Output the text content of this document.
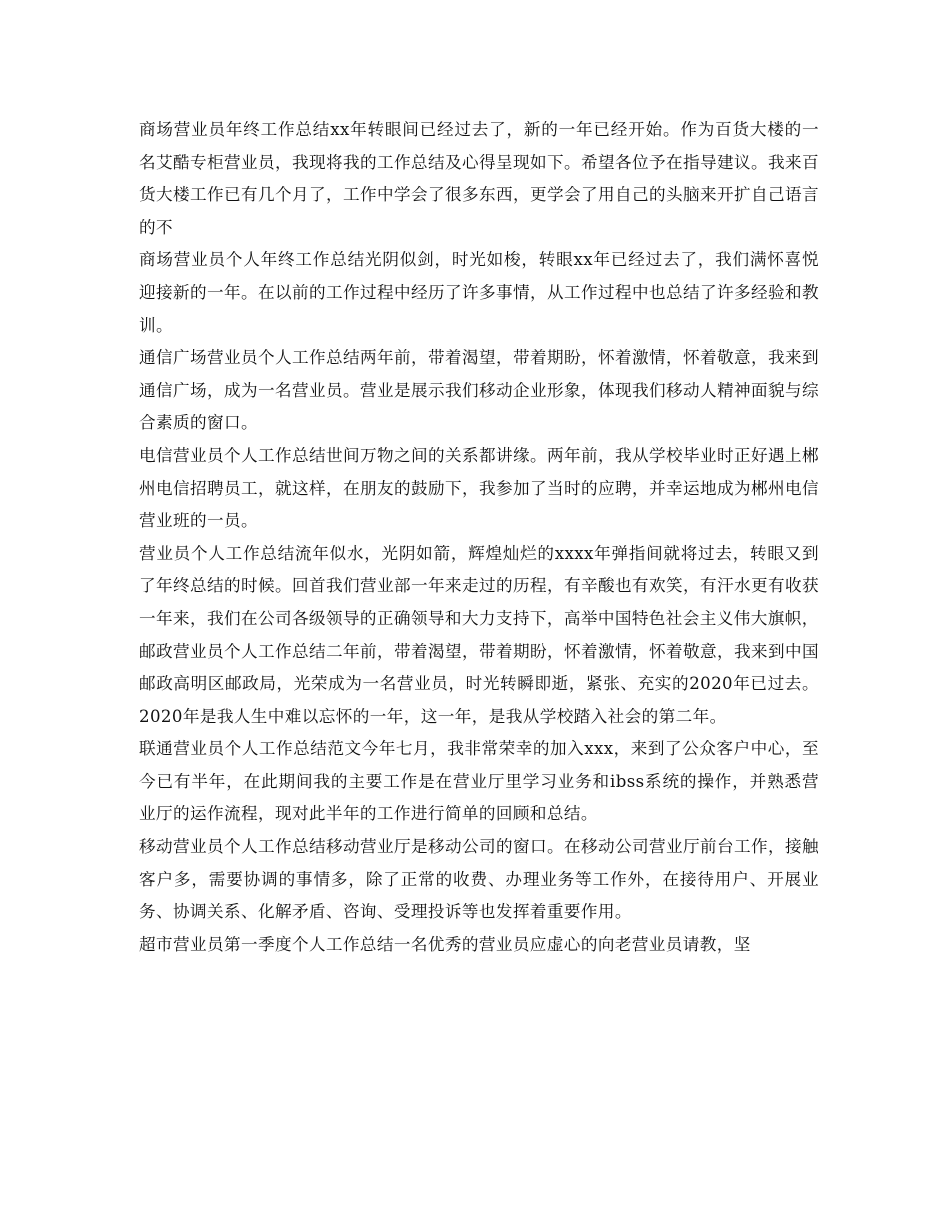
商场营业员年终工作总结xx年转眼间已经过去了，新的一年已经开始。作为百货大楼的一名艾酷专柜营业员，我现将我的工作总结及心得呈现如下。希望各位予在指导建议。我来百货大楼工作已有几个月了，工作中学会了很多东西，更学会了用自己的头脑来开扩自己语言的不

商场营业员个人年终工作总结光阴似剑，时光如梭，转眼xx年已经过去了，我们满怀喜悦迎接新的一年。在以前的工作过程中经历了许多事情，从工作过程中也总结了许多经验和教训。

通信广场营业员个人工作总结两年前，带着渴望，带着期盼，怀着激情，怀着敬意，我来到通信广场，成为一名营业员。营业是展示我们移动企业形象，体现我们移动人精神面貌与综合素质的窗口。

电信营业员个人工作总结世间万物之间的关系都讲缘。两年前，我从学校毕业时正好遇上郴州电信招聘员工，就这样，在朋友的鼓励下，我参加了当时的应聘，并幸运地成为郴州电信营业班的一员。

营业员个人工作总结流年似水，光阴如箭，辉煌灿烂的xxxx年弹指间就将过去，转眼又到了年终总结的时候。回首我们营业部一年来走过的历程，有辛酸也有欢笑，有汗水更有收获一年来，我们在公司各级领导的正确领导和大力支持下，高举中国特色社会主义伟大旗帜，

邮政营业员个人工作总结二年前，带着渴望，带着期盼，怀着激情，怀着敬意，我来到中国邮政高明区邮政局，光荣成为一名营业员，时光转瞬即逝，紧张、充实的2020年已过去。2020年是我人生中难以忘怀的一年，这一年，是我从学校踏入社会的第二年。

联通营业员个人工作总结范文今年七月，我非常荣幸的加入xxx，来到了公众客户中心，至今已有半年，在此期间我的主要工作是在营业厅里学习业务和ibss系统的操作，并熟悉营业厅的运作流程，现对此半年的工作进行简单的回顾和总结。

移动营业员个人工作总结移动营业厅是移动公司的窗口。在移动公司营业厅前台工作，接触客户多，需要协调的事情多，除了正常的收费、办理业务等工作外，在接待用户、开展业务、协调关系、化解矛盾、咨询、受理投诉等也发挥着重要作用。

超市营业员第一季度个人工作总结一名优秀的营业员应虚心的向老营业员请教，坚
